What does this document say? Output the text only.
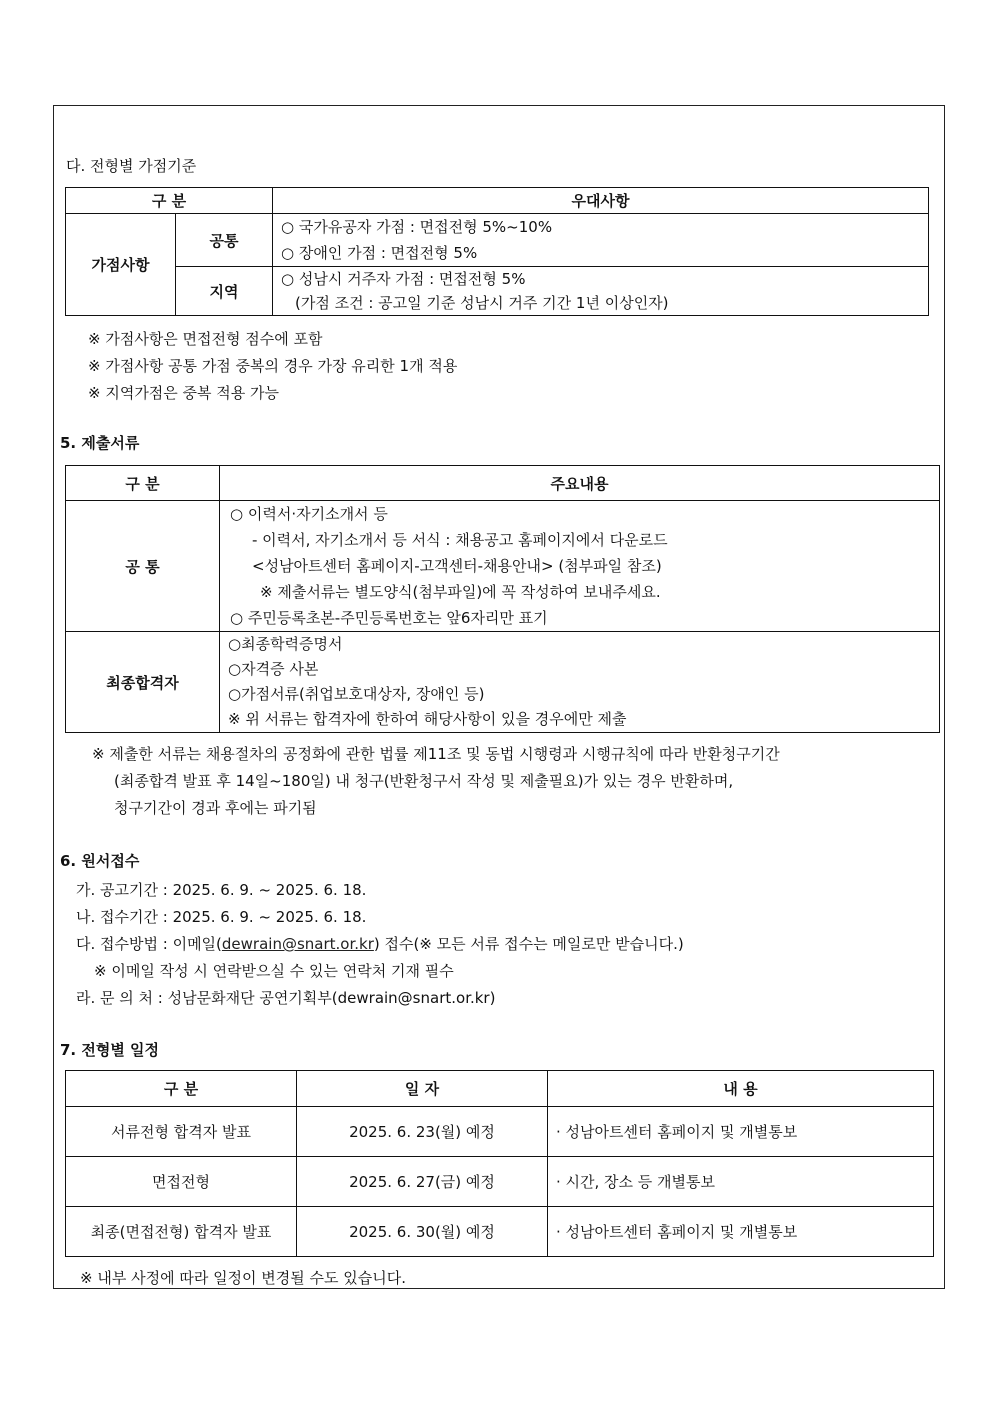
다. 전형별 가점기준
구 분		우대사항
가점사항	공통	○ 국가유공자 가점 : 면접전형 5%~10%
○ 장애인 가점 : 면접전형 5%

	지역	○ 성남시 거주자 가점 : 면접전형 5%
(가점 조건 : 공고일 기준 성남시 거주 기간 1년 이상인자)
※ 가점사항은 면접전형 점수에 포함
※ 가점사항 공통 가점 중복의 경우 가장 유리한 1개 적용
※ 지역가점은 중복 적용 가능
5. 제출서류
구 분	주요내용
공 통	○ 이력서·자기소개서 등
- 이력서, 자기소개서 등 서식 : 채용공고 홈페이지에서 다운로드
<성남아트센터 홈페이지-고객센터-채용안내> (첨부파일 참조)
※ 제출서류는 별도양식(첨부파일)에 꼭 작성하여 보내주세요.
○ 주민등록초본-주민등록번호는 앞6자리만 표기

최종합격자	○최종학력증명서
○자격증 사본
○가점서류(취업보호대상자, 장애인 등)
※ 위 서류는 합격자에 한하여 해당사항이 있을 경우에만 제출
※ 제출한 서류는 채용절차의 공정화에 관한 법률 제11조 및 동법 시행령과 시행규칙에 따라 반환청구기간
(최종합격 발표 후 14일~180일) 내 청구(반환청구서 작성 및 제출필요)가 있는 경우 반환하며,
청구기간이 경과 후에는 파기됨
6. 원서접수
가. 공고기간 : 2025. 6. 9. ~ 2025. 6. 18.
나. 접수기간 : 2025. 6. 9. ~ 2025. 6. 18.
다. 접수방법 : 이메일(dewrain@snart.or.kr) 접수(※ 모든 서류 접수는 메일로만 받습니다.)
※ 이메일 작성 시 연락받으실 수 있는 연락처 기재 필수
라. 문 의 처 : 성남문화재단 공연기획부(dewrain@snart.or.kr)
7. 전형별 일정
구 분	일 자	내 용
서류전형 합격자 발표	2025. 6. 23(월) 예정	· 성남아트센터 홈페이지 및 개별통보
면접전형	2025. 6. 27(금) 예정	· 시간, 장소 등 개별통보
최종(면접전형) 합격자 발표	2025. 6. 30(월) 예정	· 성남아트센터 홈페이지 및 개별통보
※ 내부 사정에 따라 일정이 변경될 수도 있습니다.
